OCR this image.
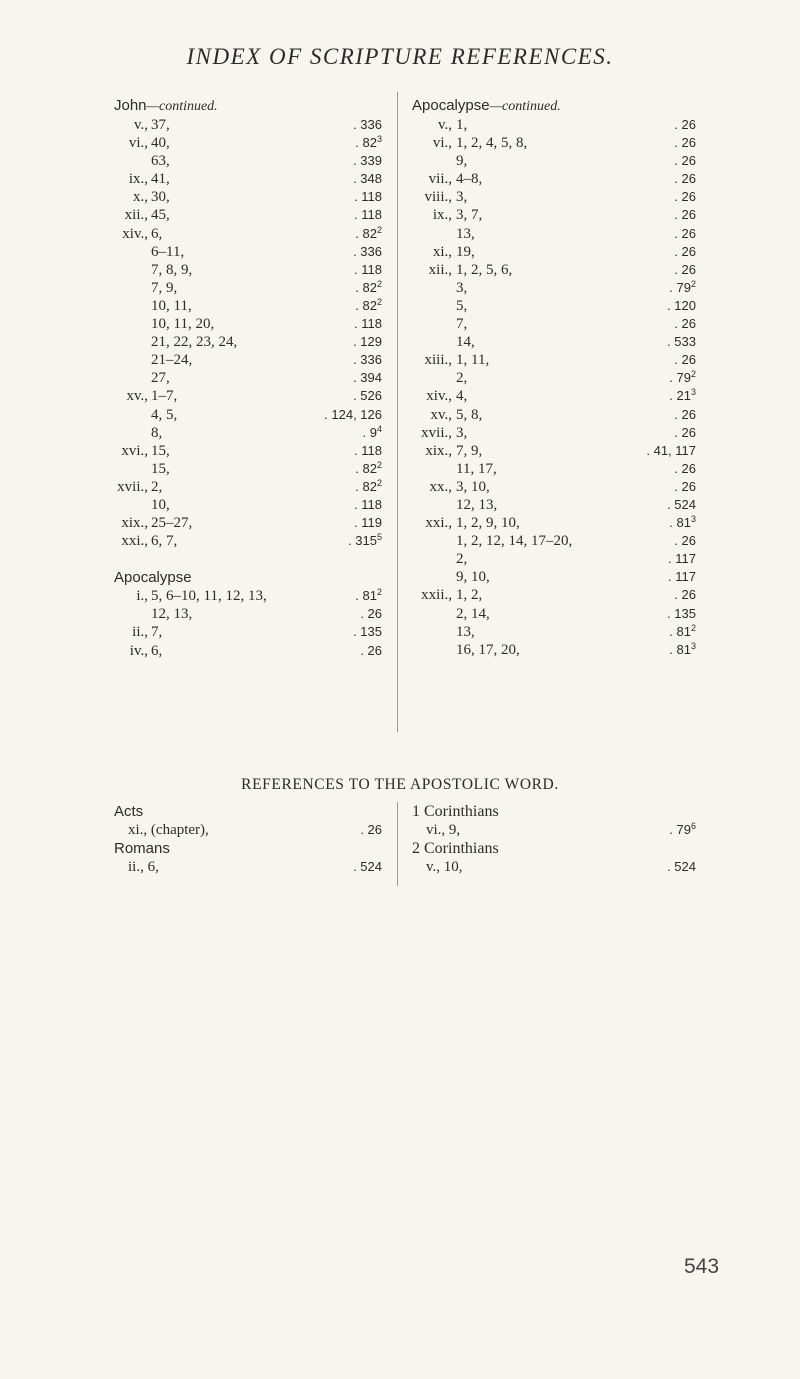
INDEX OF SCRIPTURE REFERENCES.
John—continued.
v., 37,	. 336
vi., 40,	. $82^3$
63,	. 339
ix., 41,	. 348
x., 30,	. 118
xii., 45,	. 118
xiv., 6,	. $82^2$
6–11,	. 336
7, 8, 9,	. 118
7, 9,	. $82^2$
10, 11,	. $82^2$
10, 11, 20,	. 118
21, 22, 23, 24,	. 129
21–24,	. 336
27,	. 394
xv., 1–7,	. 526
4, 5,	. 124, 126
8,	. $9^4$
xvi., 15,	. 118
15,	. $82^2$
xvii., 2,	. $82^2$
10,	. 118
xix., 25–27,	. 119
xxi., 6, 7,	. $315^5$
Apocalypse
i., 5, 6–10, 11, 12, 13,	. $81^2$
12, 13,	. 26
ii., 7,	. 135
iv., 6,	. 26
Apocalypse—continued.
v., 1,	. 26
vi., 1, 2, 4, 5, 8,	. 26
9,	. 26
vii., 4–8,	. 26
viii., 3,	. 26
ix., 3, 7,	. 26
13,	. 26
xi., 19,	. 26
xii., 1, 2, 5, 6,	. 26
3,	. $79^2$
5,	. 120
7,	. 26
14,	. 533
xiii., 1, 11,	. 26
2,	. $79^2$
xiv., 4,	. $21^3$
xv., 5, 8,	. 26
xvii., 3,	. 26
xix., 7, 9,	. 41, 117
11, 17,	. 26
xx., 3, 10,	. 26
12, 13,	. 524
xxi., 1, 2, 9, 10,	. $81^3$
1, 2, 12, 14, 17–20,	. 26
2,	. 117
9, 10,	. 117
xxii., 1, 2,	. 26
2, 14,	. 135
13,	. $81^2$
16, 17, 20,	. $81^3$
REFERENCES TO THE APOSTOLIC WORD.
Acts
xi., (chapter),	. 26
Romans
ii., 6,	. 524
1 Corinthians
vi., 9,	. $79^6$
2 Corinthians
v., 10,	. 524
543
